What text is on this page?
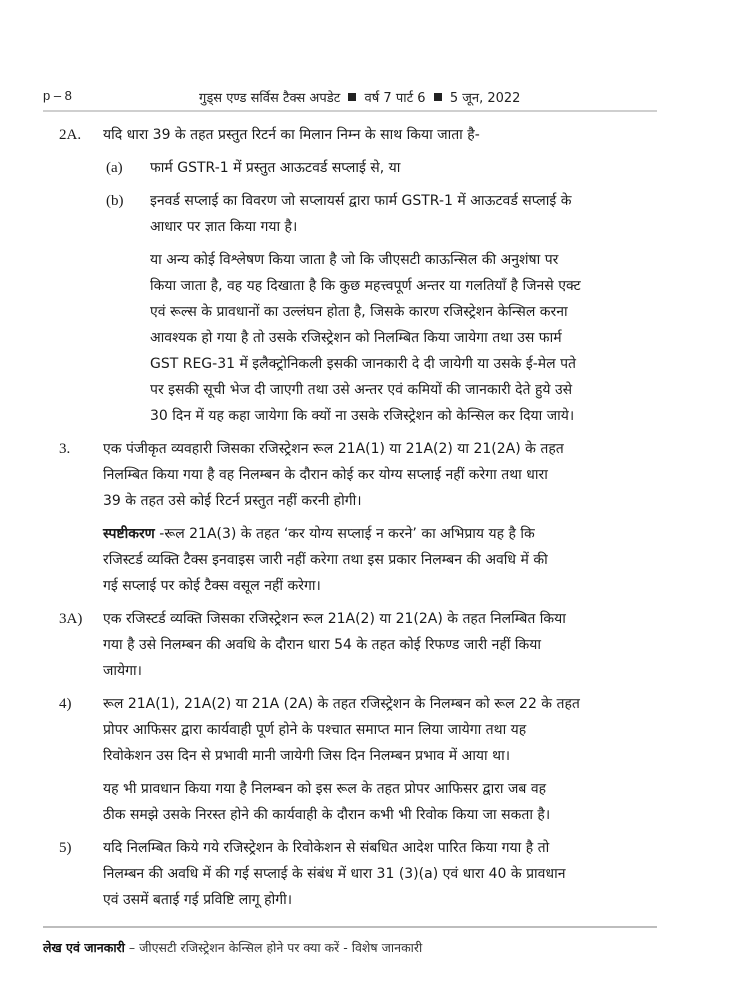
p – 8	गुड्स एण्ड सर्विस टैक्स अपडेट वर्ष 7 पार्ट 6 5 जून, 2022
2A.	यदि धारा 39 के तहत प्रस्तुत रिटर्न का मिलान निम्न के साथ किया जाता है-
(a)	फार्म GSTR-1 में प्रस्तुत आऊटवर्ड सप्लाई से, या
(b)	इनवर्ड सप्लाई का विवरण जो सप्लायर्स द्वारा फार्म GSTR-1 में आऊटवर्ड सप्लाई के
आधार पर ज्ञात किया गया है।
या अन्य कोई विश्लेषण किया जाता है जो कि जीएसटी काऊन्सिल की अनुशंषा पर
किया जाता है, वह यह दिखाता है कि कुछ महत्त्वपूर्ण अन्तर या गलतियाँ है जिनसे एक्ट
एवं रूल्स के प्रावधानों का उल्लंघन होता है, जिसके कारण रजिस्ट्रेशन केन्सिल करना
आवश्यक हो गया है तो उसके रजिस्ट्रेशन को निलम्बित किया जायेगा तथा उस फार्म
GST REG-31 में इलैक्ट्रोनिकली इसकी जानकारी दे दी जायेगी या उसके ई-मेल पते
पर इसकी सूची भेज दी जाएगी तथा उसे अन्तर एवं कमियों की जानकारी देते हुये उसे
30 दिन में यह कहा जायेगा कि क्यों ना उसके रजिस्ट्रेशन को केन्सिल कर दिया जाये।
3.	एक पंजीकृत व्यवहारी जिसका रजिस्ट्रेशन रूल 21A(1) या 21A(2) या 21(2A) के तहत
निलम्बित किया गया है वह निलम्बन के दौरान कोई कर योग्य सप्लाई नहीं करेगा तथा धारा
39 के तहत उसे कोई रिटर्न प्रस्तुत नहीं करनी होगी।
स्पष्टीकरण -रूल 21A(3) के तहत ‘कर योग्य सप्लाई न करने’ का अभिप्राय यह है कि
रजिस्टर्ड व्यक्ति टैक्स इनवाइस जारी नहीं करेगा तथा इस प्रकार निलम्बन की अवधि में की
गई सप्लाई पर कोई टैक्स वसूल नहीं करेगा।
3A)	एक रजिस्टर्ड व्यक्ति जिसका रजिस्ट्रेशन रूल 21A(2) या 21(2A) के तहत निलम्बित किया
गया है उसे निलम्बन की अवधि के दौरान धारा 54 के तहत कोई रिफण्ड जारी नहीं किया
जायेगा।
4)	रूल 21A(1), 21A(2) या 21A (2A) के तहत रजिस्ट्रेशन के निलम्बन को रूल 22 के तहत
प्रोपर आफिसर द्वारा कार्यवाही पूर्ण होने के पश्चात समाप्त मान लिया जायेगा तथा यह
रिवोकेशन उस दिन से प्रभावी मानी जायेगी जिस दिन निलम्बन प्रभाव में आया था।
यह भी प्रावधान किया गया है निलम्बन को इस रूल के तहत प्रोपर आफिसर द्वारा जब वह
ठीक समझे उसके निरस्त होने की कार्यवाही के दौरान कभी भी रिवोक किया जा सकता है।
5)	यदि निलम्बित किये गये रजिस्ट्रेशन के रिवोकेशन से संबधित आदेश पारित किया गया है तो
निलम्बन की अवधि में की गई सप्लाई के संबंध में धारा 31 (3)(a) एवं धारा 40 के प्रावधान
एवं उसमें बताई गई प्रविष्टि लागू होगी।
लेख एवं जानकारी – जीएसटी रजिस्ट्रेशन केन्सिल होने पर क्या करें - विशेष जानकारी
